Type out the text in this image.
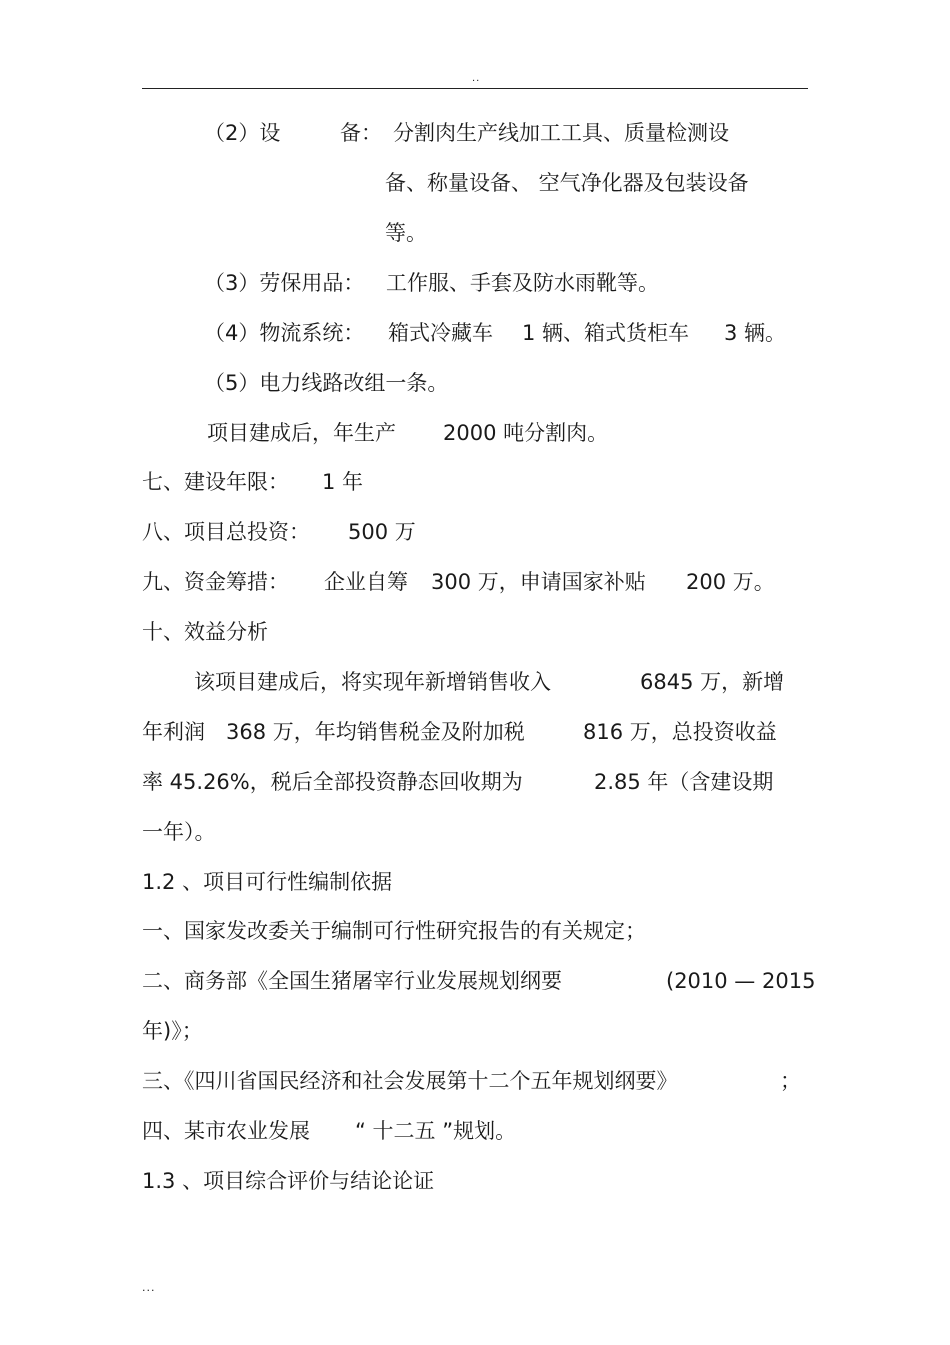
..
（2）设	备： 分割肉生产线加工工具、质量检测设
备、称量设备、 空气净化器及包装设备
等。
（3）劳保用品： 工作服、手套及防水雨靴等。
（4）物流系统： 箱式冷藏车 1 辆、箱式货柜车 3 辆。
（5）电力线路改组一条。
项目建成后，年生产 2000 吨分割肉。
七、建设年限： 1 年
八、项目总投资： 500 万
九、资金筹措： 企业自筹 300 万，申请国家补贴 200 万。
十、效益分析
该项目建成后，将实现年新增销售收入	6845 万，新增
年利润 368 万，年均销售税金及附加税	816 万，总投资收益
率 45.26%，税后全部投资静态回收期为	2.85 年（含建设期
一年）。
1.2 、项目可行性编制依据
一、国家发改委关于编制可行性研究报告的有关规定；
二、商务部《全国生猪屠宰行业发展规划纲要	(2010 — 2015
年)》；
三、《四川省国民经济和社会发展第十二个五年规划纲要》	；
四、某市农业发展 “ 十二五 ”规划。
1.3 、项目综合评价与结论论证
...
